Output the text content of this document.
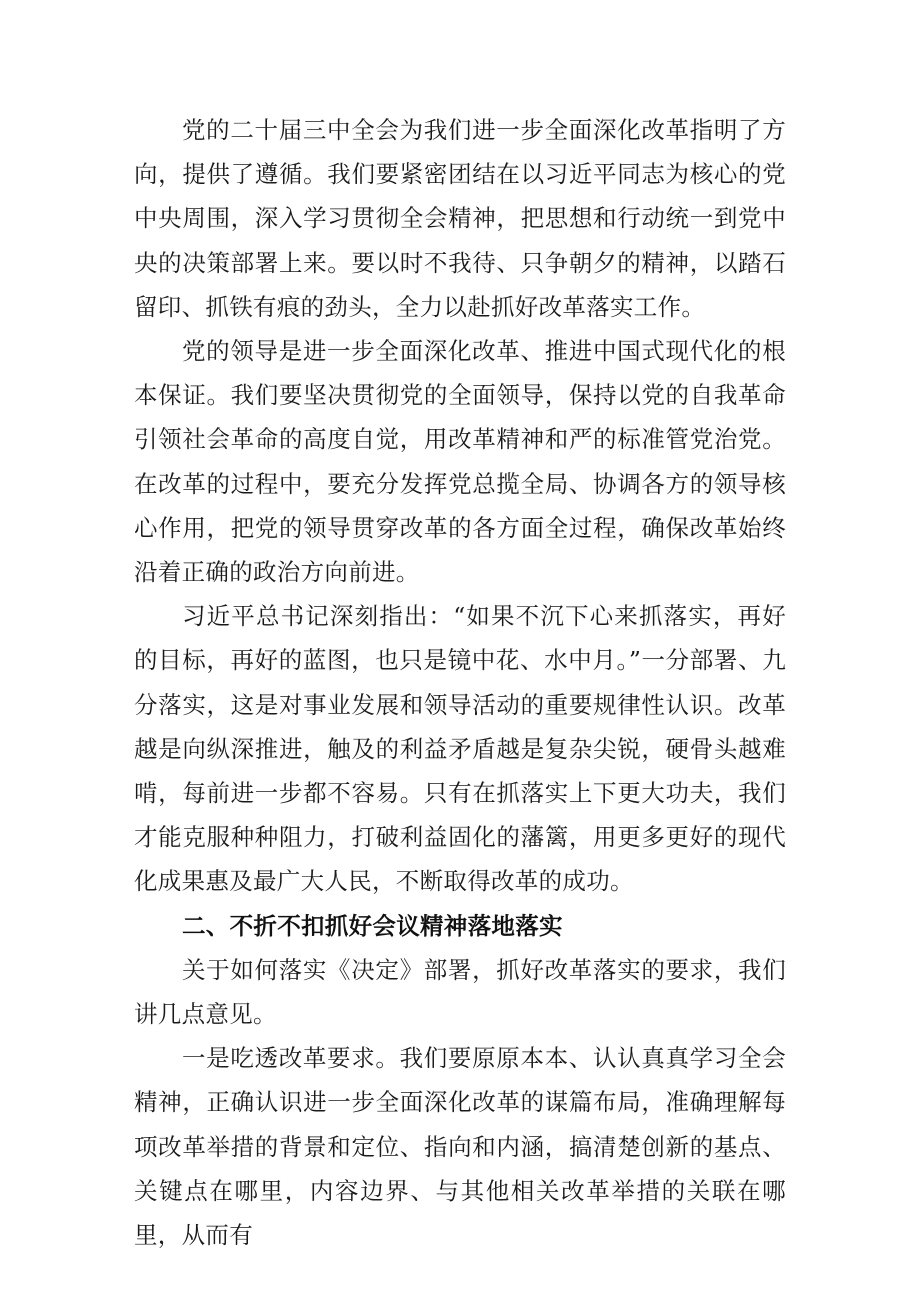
党的二十届三中全会为我们进一步全面深化改革指明了方向，提供了遵循。我们要紧密团结在以习近平同志为核心的党中央周围，深入学习贯彻全会精神，把思想和行动统一到党中央的决策部署上来。要以时不我待、只争朝夕的精神，以踏石留印、抓铁有痕的劲头，全力以赴抓好改革落实工作。

党的领导是进一步全面深化改革、推进中国式现代化的根本保证。我们要坚决贯彻党的全面领导，保持以党的自我革命引领社会革命的高度自觉，用改革精神和严的标准管党治党。在改革的过程中，要充分发挥党总揽全局、协调各方的领导核心作用，把党的领导贯穿改革的各方面全过程，确保改革始终沿着正确的政治方向前进。

习近平总书记深刻指出：“如果不沉下心来抓落实，再好的目标，再好的蓝图，也只是镜中花、水中月。”一分部署、九分落实，这是对事业发展和领导活动的重要规律性认识。改革越是向纵深推进，触及的利益矛盾越是复杂尖锐，硬骨头越难啃，每前进一步都不容易。只有在抓落实上下更大功夫，我们才能克服种种阻力，打破利益固化的藩篱，用更多更好的现代化成果惠及最广大人民，不断取得改革的成功。

二、不折不扣抓好会议精神落地落实

关于如何落实《决定》部署，抓好改革落实的要求，我们讲几点意见。

一是吃透改革要求。我们要原原本本、认认真真学习全会精神，正确认识进一步全面深化改革的谋篇布局，准确理解每项改革举措的背景和定位、指向和内涵，搞清楚创新的基点、关键点在哪里，内容边界、与其他相关改革举措的关联在哪里，从而有
